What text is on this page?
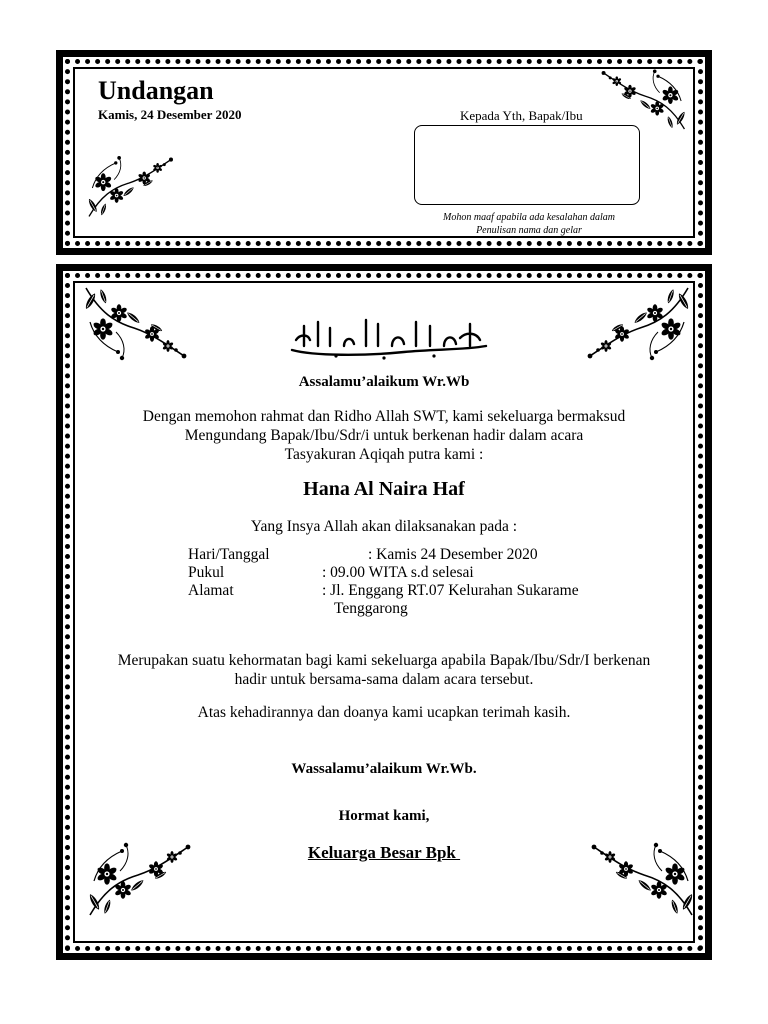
Undangan
Kamis, 24 Desember 2020	Kepada Yth, Bapak/Ibu
Mohon maaf apabila ada kesalahan dalam
Penulisan nama dan gelar
Assalamu’alaikum Wr.Wb
Dengan memohon rahmat dan Ridho Allah SWT, kami sekeluarga bermaksud
Mengundang Bapak/Ibu/Sdr/i untuk berkenan hadir dalam acara
Tasyakuran Aqiqah putra kami :
Hana Al Naira Haf
Yang Insya Allah akan dilaksanakan pada :
Hari/Tanggal	: Kamis 24 Desember 2020
Pukul	: 09.00 WITA s.d selesai
Alamat	: Jl. Enggang RT.07 Kelurahan Sukarame
Tenggarong
Merupakan suatu kehormatan bagi kami sekeluarga apabila Bapak/Ibu/Sdr/I berkenan
hadir untuk bersama-sama dalam acara tersebut.
Atas kehadirannya dan doanya kami ucapkan terimah kasih.
Wassalamu’alaikum Wr.Wb.
Hormat kami,
Keluarga Besar Bpk
